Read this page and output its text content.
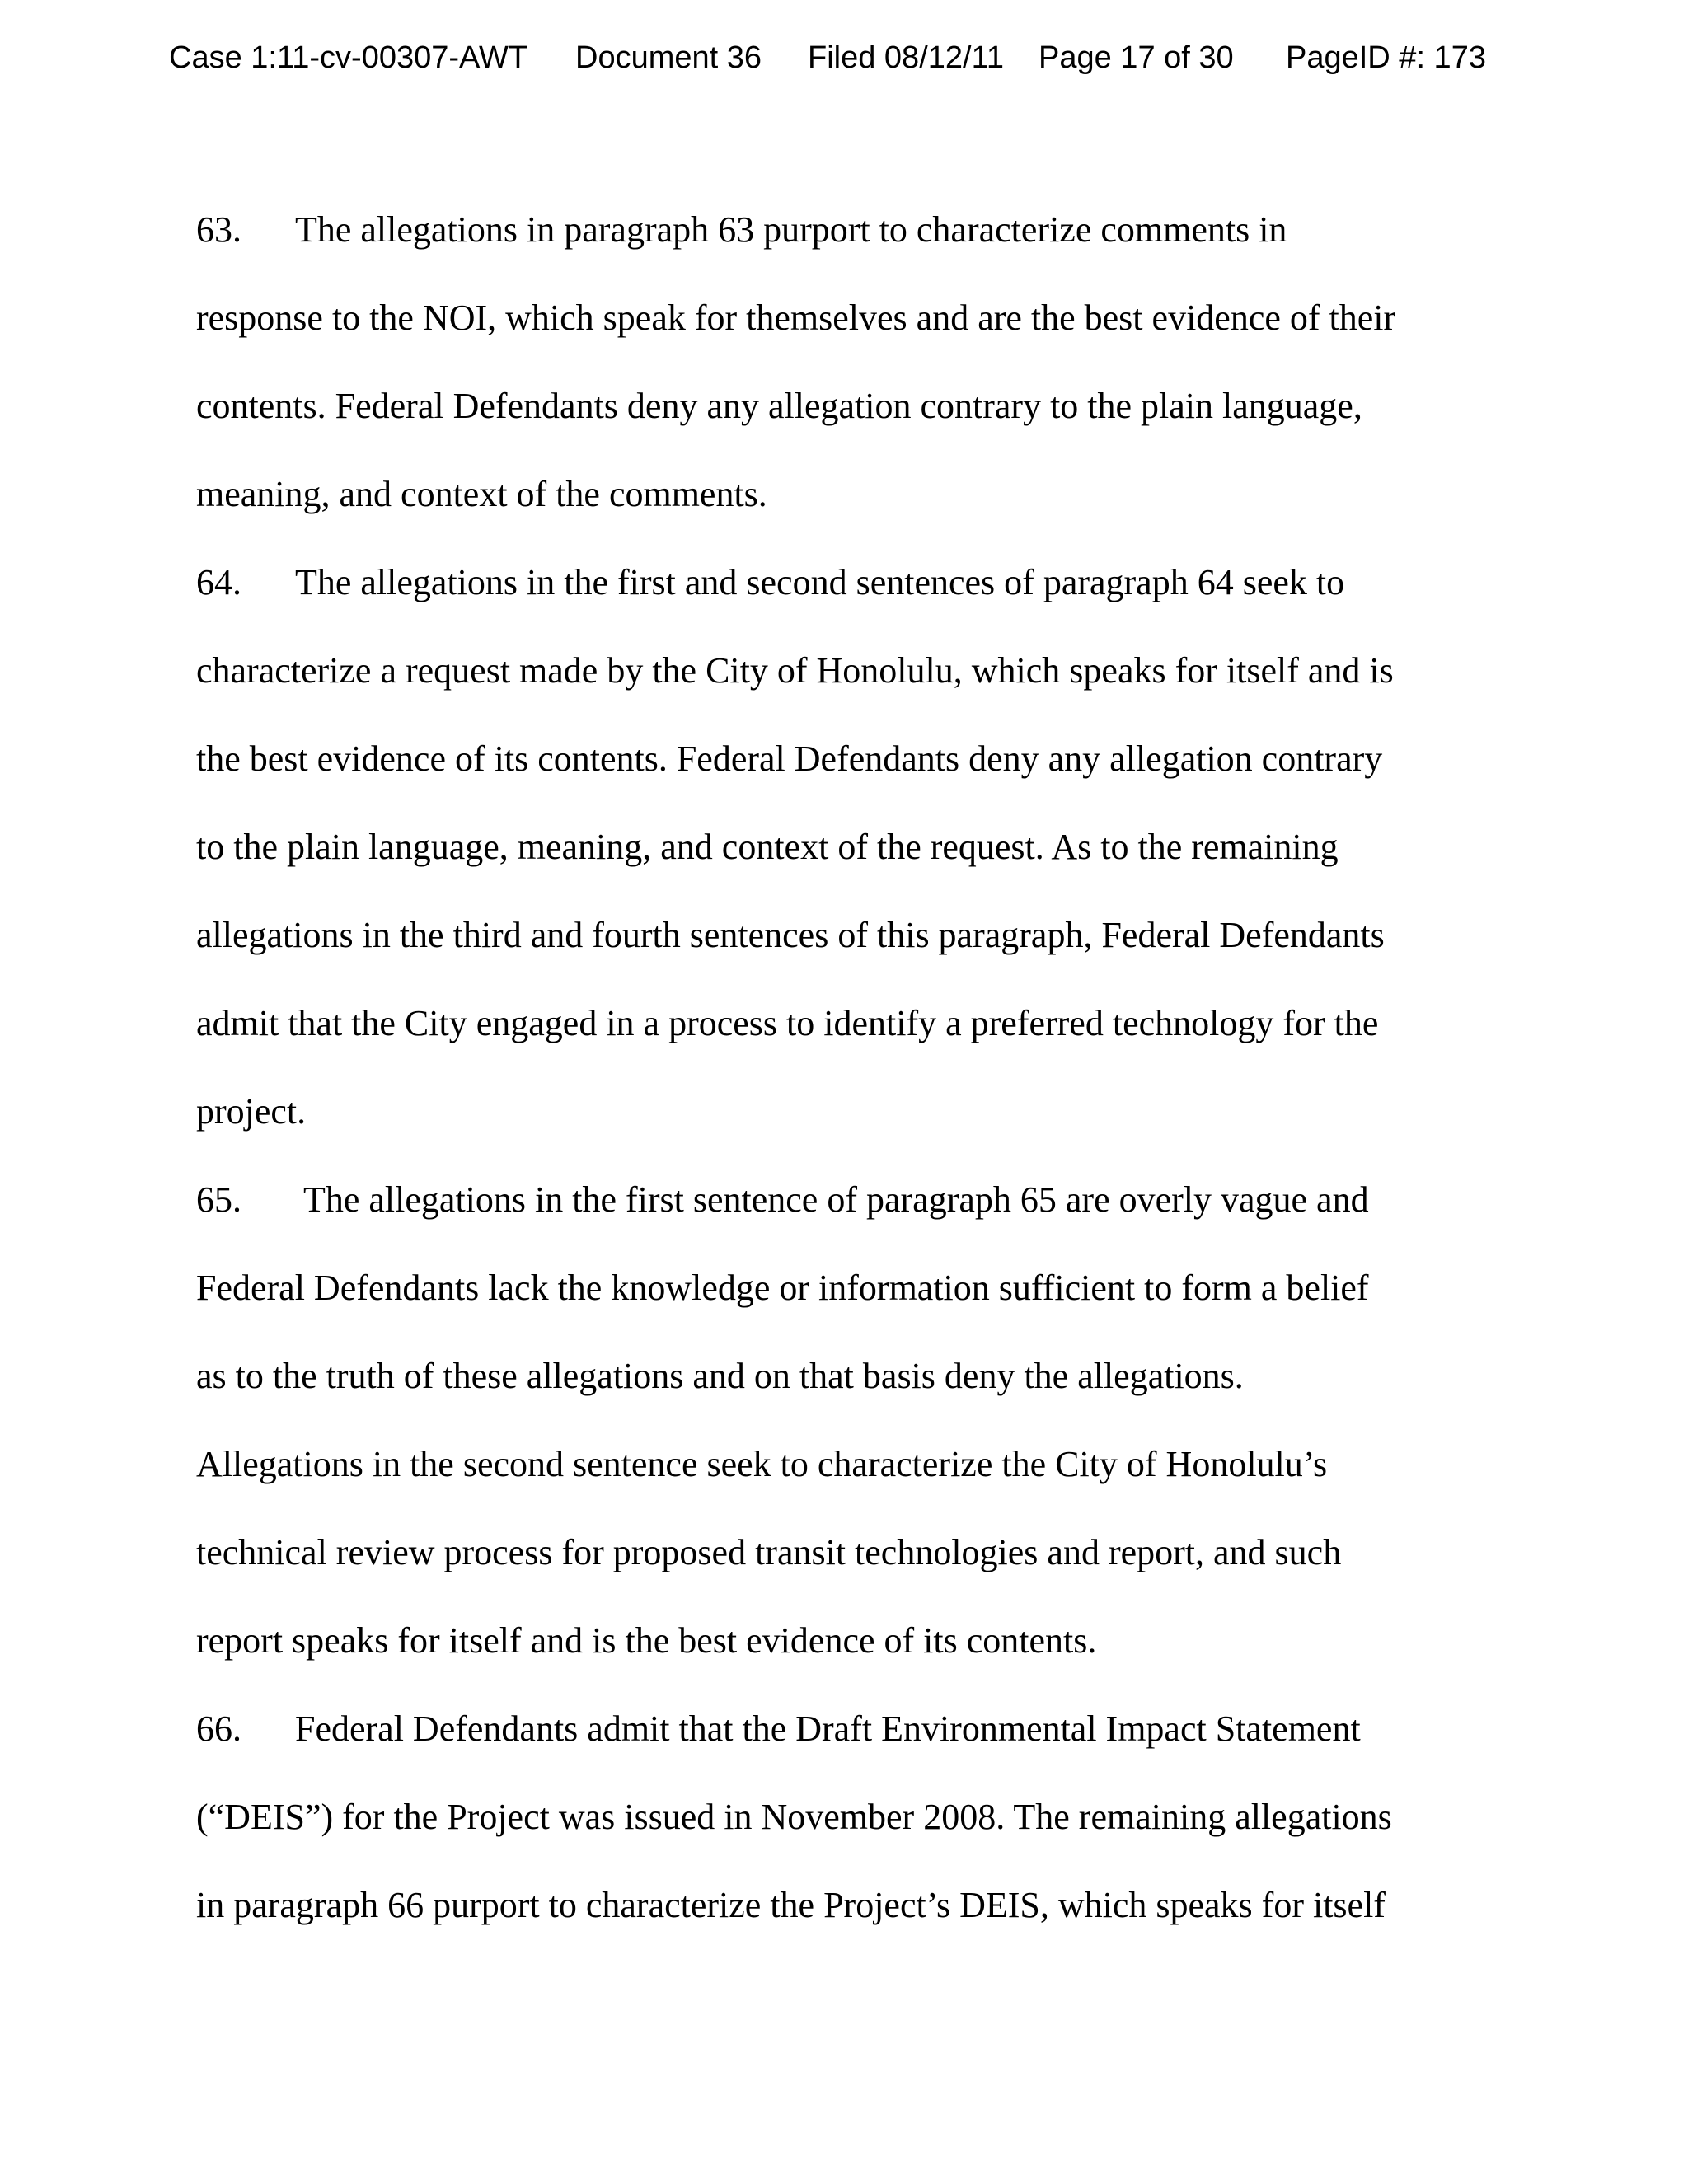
Case 1:11-cv-00307-AWT Document 36 Filed 08/12/11 Page 17 of 30 PageID #: 173
63. The allegations in paragraph 63 purport to characterize comments in
response to the NOI, which speak for themselves and are the best evidence of their
contents. Federal Defendants deny any allegation contrary to the plain language,
meaning, and context of the comments.
64. The allegations in the first and second sentences of paragraph 64 seek to
characterize a request made by the City of Honolulu, which speaks for itself and is
the best evidence of its contents. Federal Defendants deny any allegation contrary
to the plain language, meaning, and context of the request. As to the remaining
allegations in the third and fourth sentences of this paragraph, Federal Defendants
admit that the City engaged in a process to identify a preferred technology for the
project.
65. The allegations in the first sentence of paragraph 65 are overly vague and
Federal Defendants lack the knowledge or information sufficient to form a belief
as to the truth of these allegations and on that basis deny the allegations.
Allegations in the second sentence seek to characterize the City of Honolulu’s
technical review process for proposed transit technologies and report, and such
report speaks for itself and is the best evidence of its contents.
66. Federal Defendants admit that the Draft Environmental Impact Statement
(“DEIS”) for the Project was issued in November 2008. The remaining allegations
in paragraph 66 purport to characterize the Project’s DEIS, which speaks for itself
